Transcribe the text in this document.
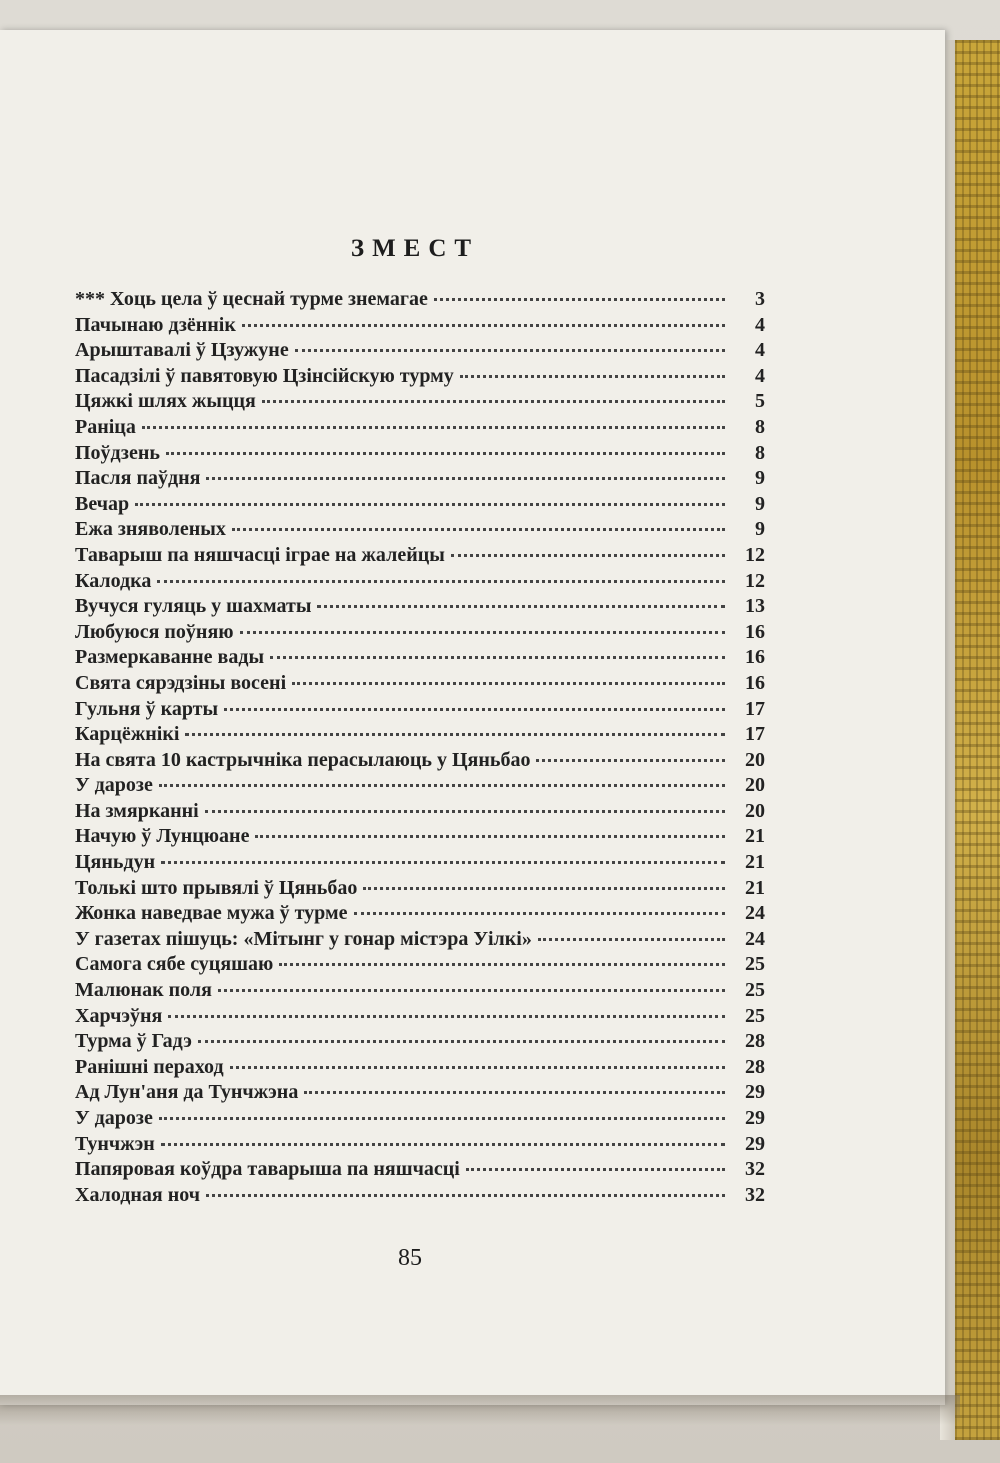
ЗМЕСТ
*** Хоць цела ў цеснай турме знемагае	3
Пачынаю дзённік	4
Арыштавалі ў Цзужуне	4
Пасадзілі ў павятовую Цзінсійскую турму	4
Цяжкі шлях жыцця	5
Раніца	8
Поўдзень	8
Пасля паўдня	9
Вечар	9
Ежа зняволеных	9
Таварыш па няшчасці іграе на жалейцы	12
Калодка	12
Вучуся гуляць у шахматы	13
Любуюся поўняю	16
Размеркаванне вады	16
Свята сярэдзіны восені	16
Гульня ў карты	17
Карцёжнікі	17
На свята 10 кастрычніка перасылаюць у Цяньбао	20
У дарозе	20
На змярканні	20
Начую ў Лунцюане	21
Цяньдун	21
Толькі што прывялі ў Цяньбао	21
Жонка наведвае мужа ў турме	24
У газетах пішуць: «Мітынг у гонар містэра Уілкі»	24
Самога сябе суцяшаю	25
Малюнак поля	25
Харчэўня	25
Турма ў Гадэ	28
Ранішні пераход	28
Ад Лун'аня да Тунчжэна	29
У дарозе	29
Тунчжэн	29
Папяровая коўдра таварыша па няшчасці	32
Халодная ноч	32
85
